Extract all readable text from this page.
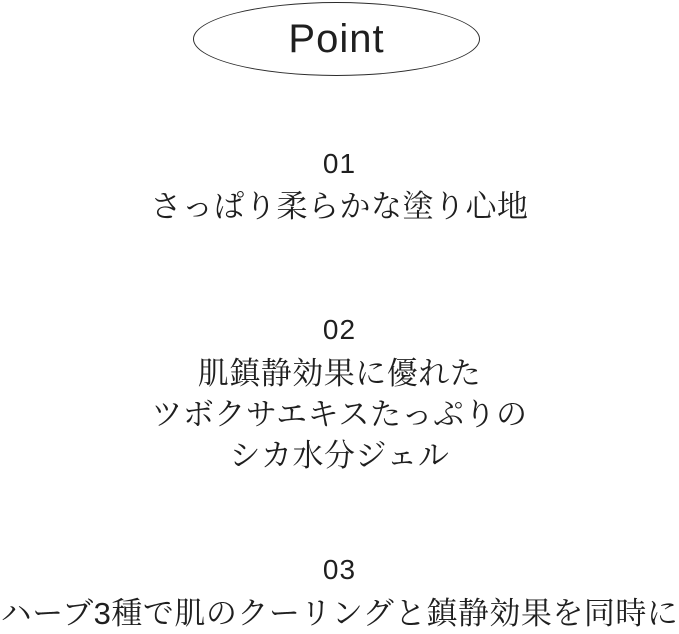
Point
01
さっぱり柔らかな塗り心地
02
肌鎮静効果に優れた
ツボクサエキスたっぷりの
シカ水分ジェル
03
ハーブ3種で肌のクーリングと鎮静効果を同時に
